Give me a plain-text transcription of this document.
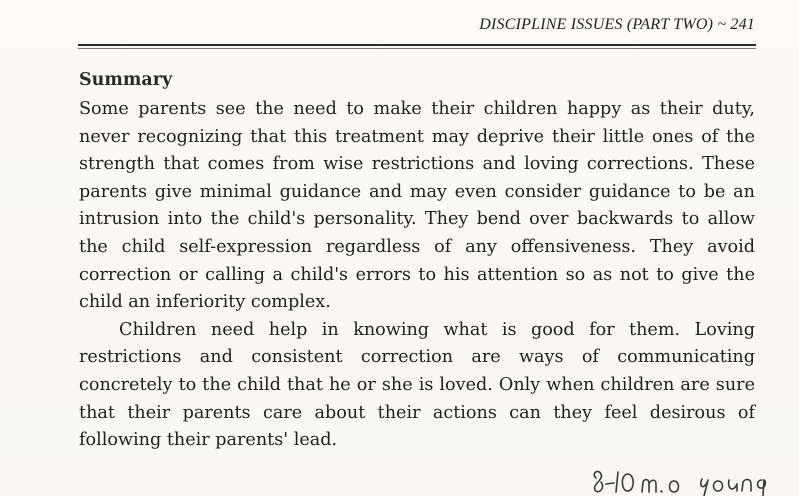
DISCIPLINE ISSUES (PART TWO) ~ 241
Summary

Some parents see the need to make their children happy as their duty, never recognizing that this treatment may deprive their little ones of the strength that comes from wise restrictions and loving corrections. These parents give minimal guidance and may even consider guidance to be an intrusion into the child's personality. They bend over backwards to allow the child self-expression regardless of any offensiveness. They avoid correction or calling a child's errors to his attention so as not to give the child an inferiority complex.

Children need help in knowing what is good for them. Loving restrictions and consistent correction are ways of communicating concretely to the child that he or she is loved. Only when children are sure that their parents care about their actions can they feel desirous of following their parents' lead.

8-10 m. 0 young
